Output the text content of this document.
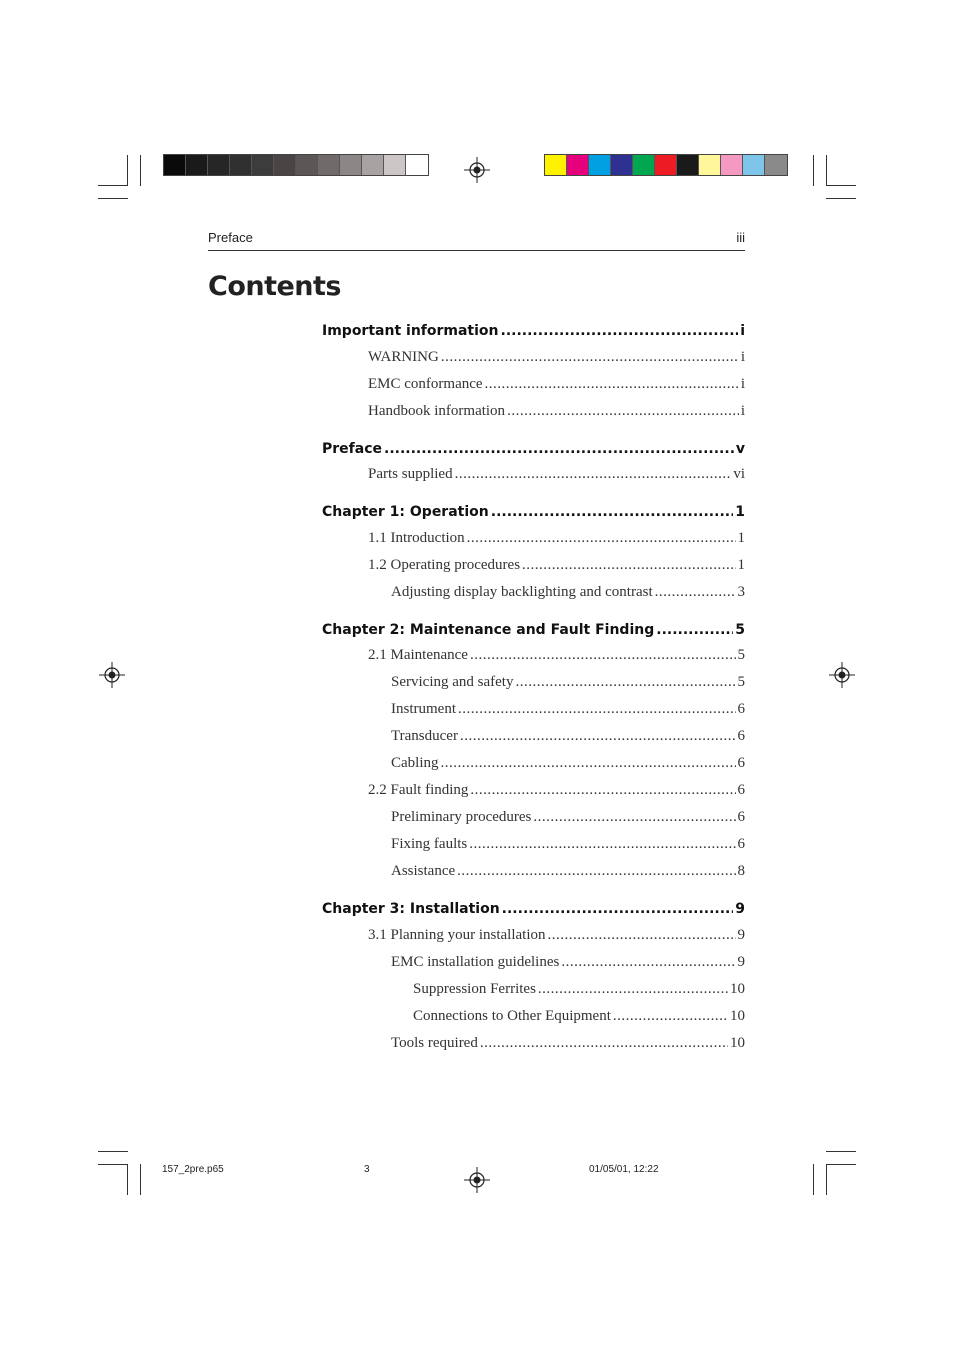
Preface	iii
Contents
Important information .....	i
WARNING .....	i
EMC conformance .....	i
Handbook information .....	i
Preface .....	v
Parts supplied .....	vi
Chapter 1: Operation .....	1
1.1 Introduction .....	1
1.2 Operating procedures .....	1
Adjusting display backlighting and contrast .....	3
Chapter 2: Maintenance and Fault Finding .....	5
2.1 Maintenance .....	5
Servicing and safety .....	5
Instrument .....	6
Transducer .....	6
Cabling .....	6
2.2 Fault finding .....	6
Preliminary procedures .....	6
Fixing faults .....	6
Assistance .....	8
Chapter 3: Installation .....	9
3.1 Planning your installation .....	9
EMC installation guidelines .....	9
Suppression Ferrites .....	10
Connections to Other Equipment .....	10
Tools required .....	10
157_2pre.p65	3	01/05/01, 12:22
